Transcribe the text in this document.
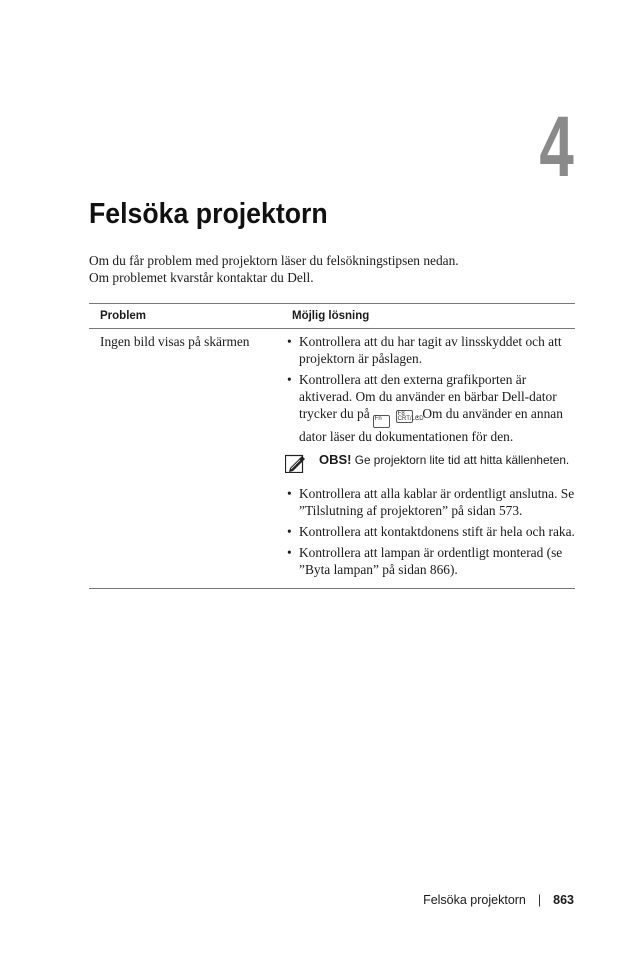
4
Felsöka projektorn

Om du får problem med projektorn läser du felsökningstipsen nedan.

Om problemet kvarstår kontaktar du Dell.

Problem	Möjlig lösning
Ingen bild visas på skärmen	• Kontrollera att du har tagit av linsskyddet och att projektorn är påslagen.
• Kontrollera att den externa grafikporten är aktiverad. Om du använder en bärbar Dell-dator trycker du på FnF8 CRT/LCD. Om du använder en annan dator läser du dokumentationen för den.
OBS! Ge projektorn lite tid att hitta källenheten.
• Kontrollera att alla kablar är ordentligt anslutna. Se ”Tilslutning af projektoren” på sidan 573.
• Kontrollera att kontaktdonens stift är hela och raka.
• Kontrollera att lampan är ordentligt monterad (se ”Byta lampan” på sidan 866).
Felsöka projektorn | 863
